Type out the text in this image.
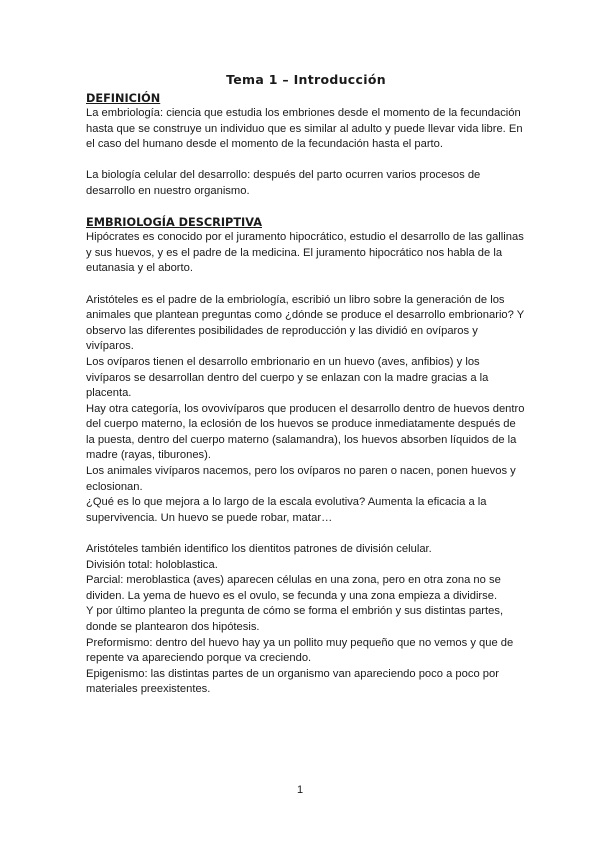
Tema 1 – Introducción
DEFINICIÓN

La embriología: ciencia que estudia los embriones desde el momento de la fecundación hasta que se construye un individuo que es similar al adulto y puede llevar vida libre. En el caso del humano desde el momento de la fecundación hasta el parto.

La biología celular del desarrollo: después del parto ocurren varios procesos de desarrollo en nuestro organismo.

EMBRIOLOGÍA DESCRIPTIVA

Hipócrates es conocido por el juramento hipocrático, estudio el desarrollo de las gallinas y sus huevos, y es el padre de la medicina. El juramento hipocrático nos habla de la eutanasia y el aborto.

Aristóteles es el padre de la embriología, escribió un libro sobre la generación de los animales que plantean preguntas como ¿dónde se produce el desarrollo embrionario? Y observo las diferentes posibilidades de reproducción y las dividió en ovíparos y vivíparos.

Los ovíparos tienen el desarrollo embrionario en un huevo (aves, anfibios) y los vivíparos se desarrollan dentro del cuerpo y se enlazan con la madre gracias a la placenta.

Hay otra categoría, los ovovivíparos que producen el desarrollo dentro de huevos dentro del cuerpo materno, la eclosión de los huevos se produce inmediatamente después de la puesta, dentro del cuerpo materno (salamandra), los huevos absorben líquidos de la madre (rayas, tiburones).

Los animales vivíparos nacemos, pero los ovíparos no paren o nacen, ponen huevos y eclosionan.

¿Qué es lo que mejora a lo largo de la escala evolutiva? Aumenta la eficacia a la supervivencia. Un huevo se puede robar, matar…

Aristóteles también identifico los dientitos patrones de división celular.

División total: holoblastica.

Parcial: meroblastica (aves) aparecen células en una zona, pero en otra zona no se dividen. La yema de huevo es el ovulo, se fecunda y una zona empieza a dividirse.

Y por último planteo la pregunta de cómo se forma el embrión y sus distintas partes, donde se plantearon dos hipótesis.

Preformismo: dentro del huevo hay ya un pollito muy pequeño que no vemos y que de repente va apareciendo porque va creciendo.

Epigenismo: las distintas partes de un organismo van apareciendo poco a poco por materiales preexistentes.

1
